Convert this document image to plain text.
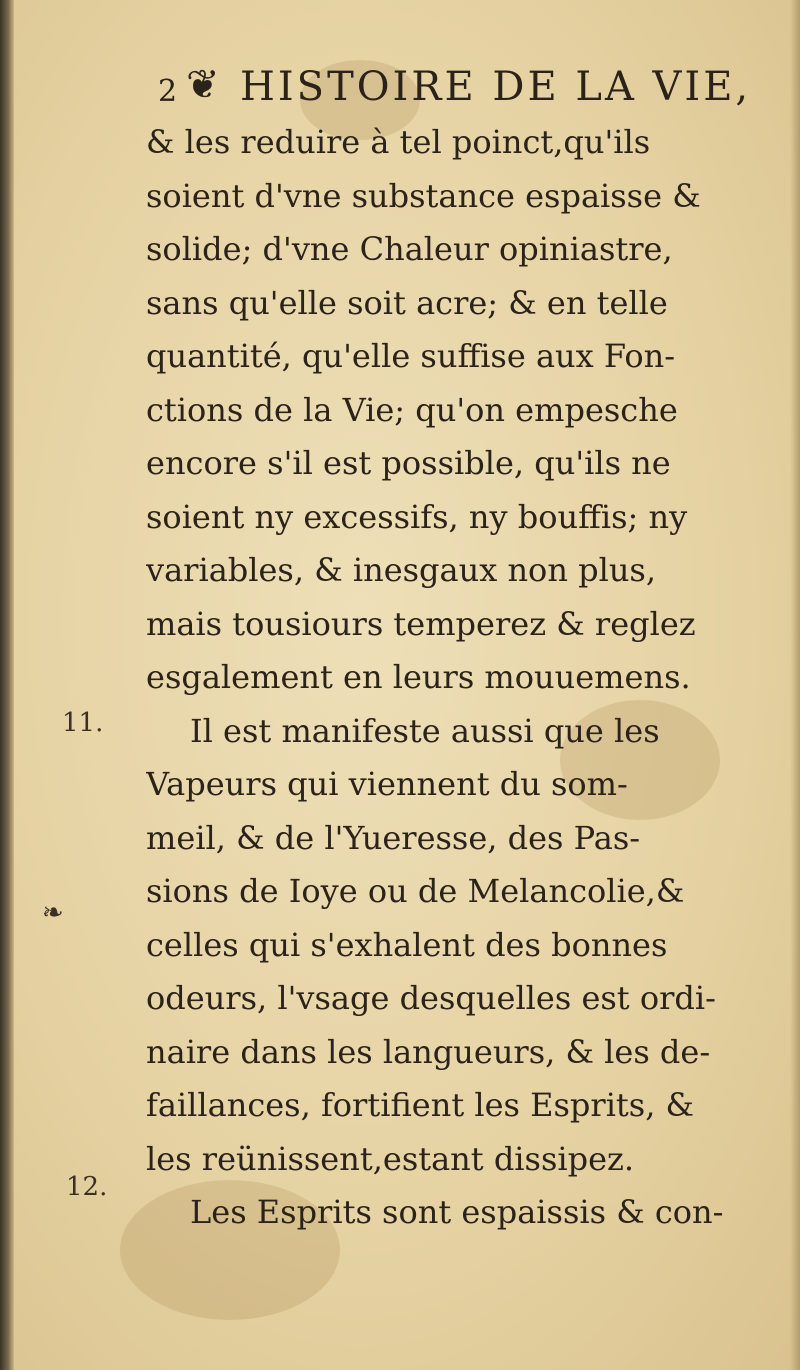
2 ❦ HISTOIRE DE LA VIE,
& les reduire à tel poinct,qu'ils
soient d'vne substance espaisse &
solide; d'vne Chaleur opiniastre,
sans qu'elle soit acre; & en telle
quantité, qu'elle suffise aux Fon-
ctions de la Vie; qu'on empesche
encore s'il est possible, qu'ils ne
soient ny excessifs, ny bouffis; ny
variables, & inesgaux non plus,
mais tousiours temperez & reglez
esgalement en leurs mouuemens.
Il est manifeste aussi que les
Vapeurs qui viennent du som-
meil, & de l'Yueresse, des Pas-
sions de Ioye ou de Melancolie,&
celles qui s'exhalent des bonnes
odeurs, l'vsage desquelles est ordi-
naire dans les langueurs, & les de-
faillances, fortifient les Esprits, &
les reünissent,estant dissipez.
Les Esprits sont espaissis & con-
11.
❧
12.
